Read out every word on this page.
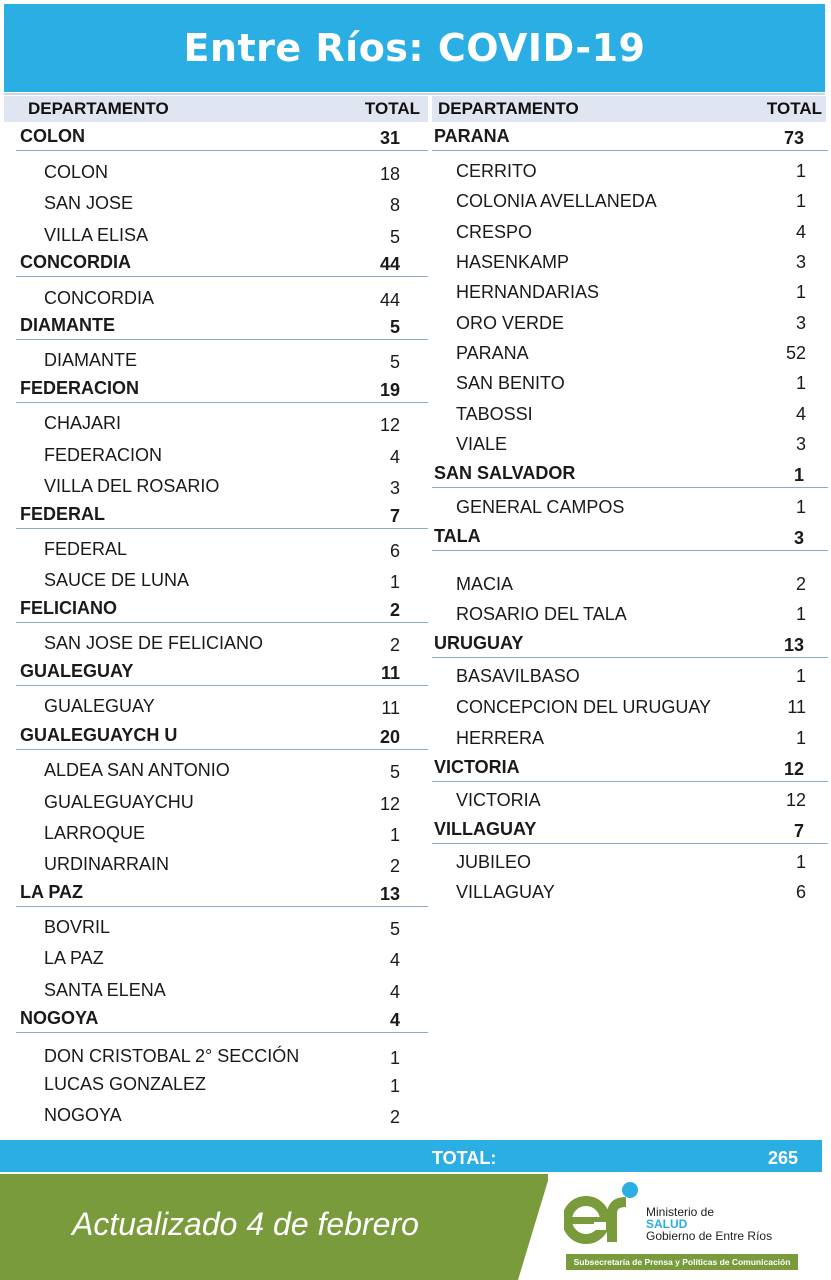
Entre Ríos: COVID-19
DEPARTAMENTO	TOTAL
COLON	31
COLON	18
SAN JOSE	8
VILLA ELISA	5
CONCORDIA	44
CONCORDIA	44
DIAMANTE	5
DIAMANTE	5
FEDERACION	19
CHAJARI	12
FEDERACION	4
VILLA DEL ROSARIO	3
FEDERAL	7
FEDERAL	6
SAUCE DE LUNA	1
FELICIANO	2
SAN JOSE DE FELICIANO	2
GUALEGUAY	11
GUALEGUAY	11
GUALEGUAYCH U	20
ALDEA SAN ANTONIO	5
GUALEGUAYCHU	12
LARROQUE	1
URDINARRAIN	2
LA PAZ	13
BOVRIL	5
LA PAZ	4
SANTA ELENA	4
NOGOYA	4
DON CRISTOBAL 2° SECCIÓN	1
LUCAS GONZALEZ	1
NOGOYA	2
DEPARTAMENTO	TOTAL
PARANA	73
CERRITO	1
COLONIA AVELLANEDA	1
CRESPO	4
HASENKAMP	3
HERNANDARIAS	1
ORO VERDE	3
PARANA	52
SAN BENITO	1
TABOSSI	4
VIALE	3
SAN SALVADOR	1
GENERAL CAMPOS	1
TALA	3
MACIA	2
ROSARIO DEL TALA	1
URUGUAY	13
BASAVILBASO	1
CONCEPCION DEL URUGUAY	11
HERRERA	1
VICTORIA	12
VICTORIA	12
VILLAGUAY	7
JUBILEO	1
VILLAGUAY	6
TOTAL:	265
Actualizado 4 de febrero	Ministerio de
SALUD
Gobierno de Entre Ríos
Subsecretaría de Prensa y Políticas de Comunicación
